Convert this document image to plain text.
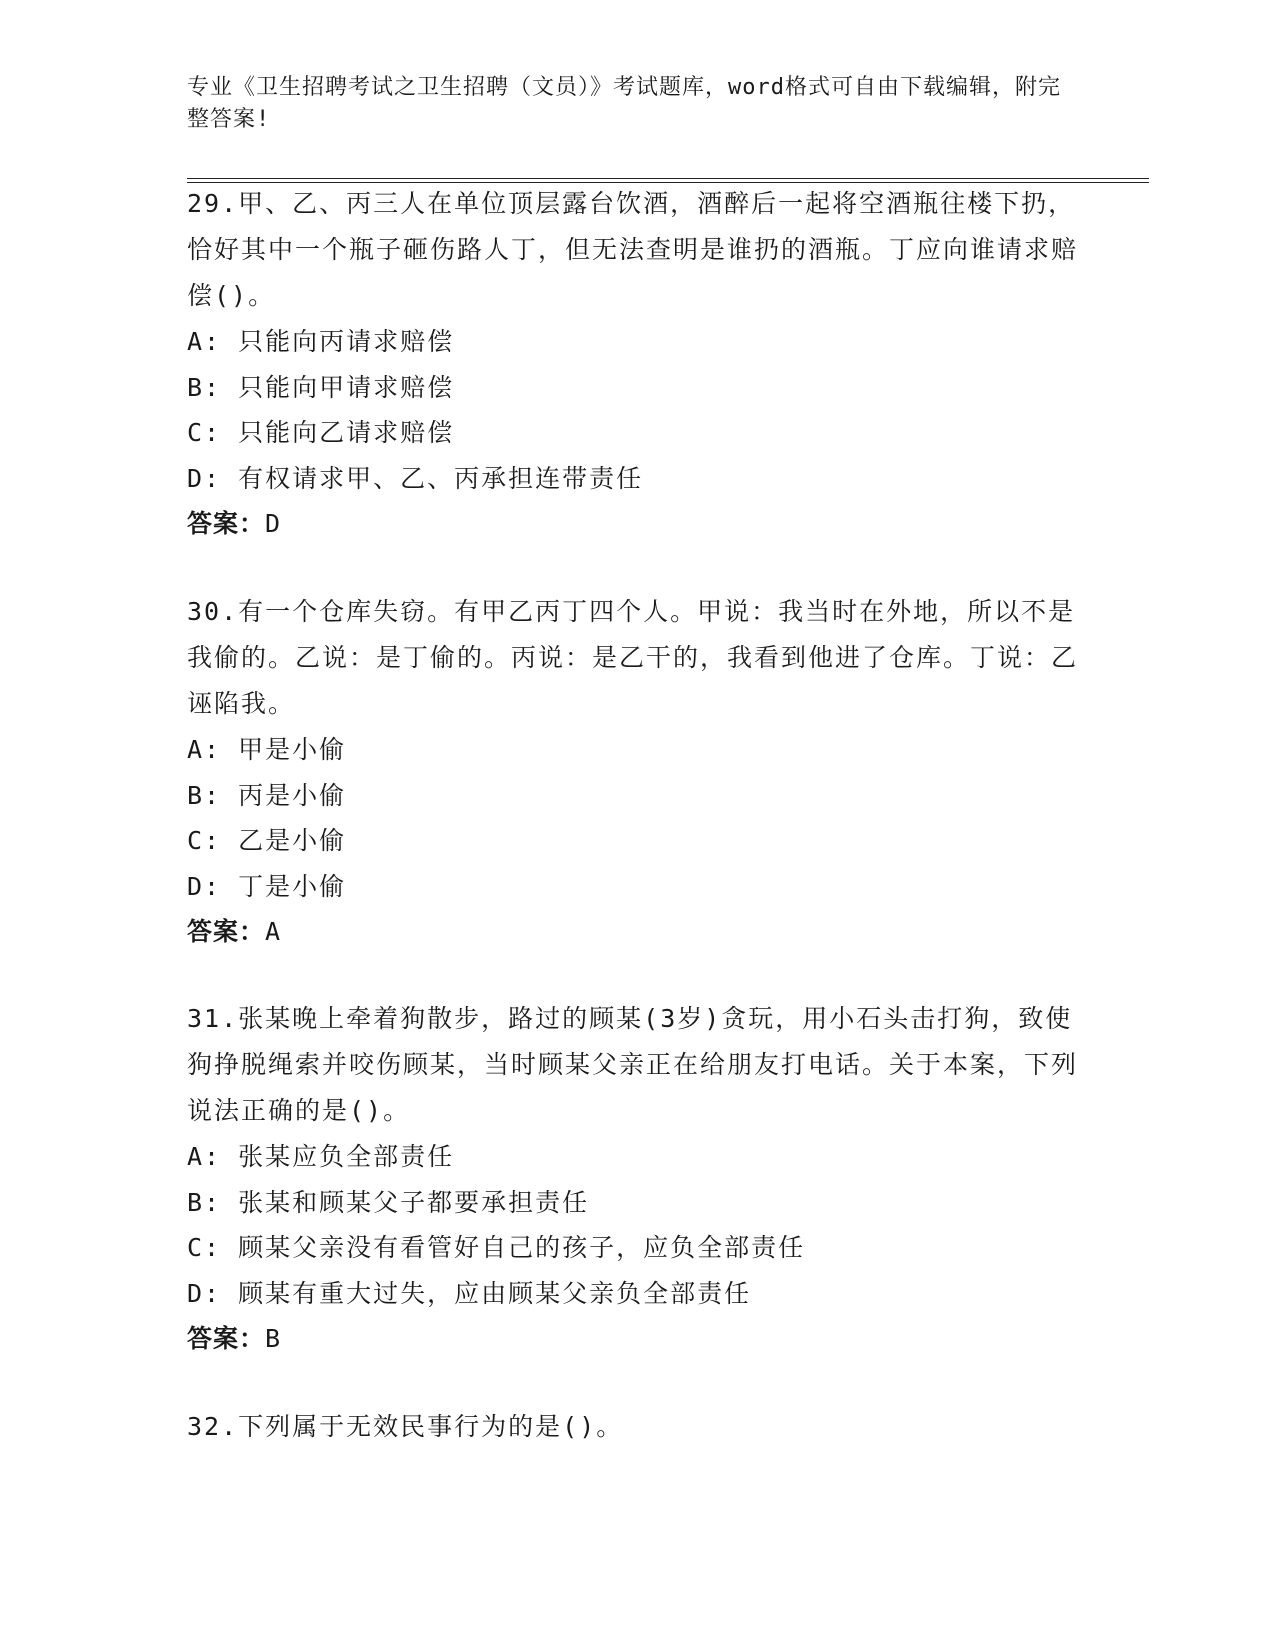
专业《卫生招聘考试之卫生招聘（文员）》考试题库，word格式可自由下载编辑，附完整答案!
29.甲、乙、丙三人在单位顶层露台饮酒，酒醉后一起将空酒瓶往楼下扔，恰好其中一个瓶子砸伤路人丁，但无法查明是谁扔的酒瓶。丁应向谁请求赔偿()。
A: 只能向丙请求赔偿
B: 只能向甲请求赔偿
C: 只能向乙请求赔偿
D: 有权请求甲、乙、丙承担连带责任
答案：D
30.有一个仓库失窃。有甲乙丙丁四个人。甲说：我当时在外地，所以不是我偷的。乙说：是丁偷的。丙说：是乙干的，我看到他进了仓库。丁说：乙诬陷我。
A: 甲是小偷
B: 丙是小偷
C: 乙是小偷
D: 丁是小偷
答案：A
31.张某晚上牵着狗散步，路过的顾某(3岁)贪玩，用小石头击打狗，致使狗挣脱绳索并咬伤顾某，当时顾某父亲正在给朋友打电话。关于本案，下列说法正确的是()。
A: 张某应负全部责任
B: 张某和顾某父子都要承担责任
C: 顾某父亲没有看管好自己的孩子，应负全部责任
D: 顾某有重大过失，应由顾某父亲负全部责任
答案：B
32.下列属于无效民事行为的是()。
